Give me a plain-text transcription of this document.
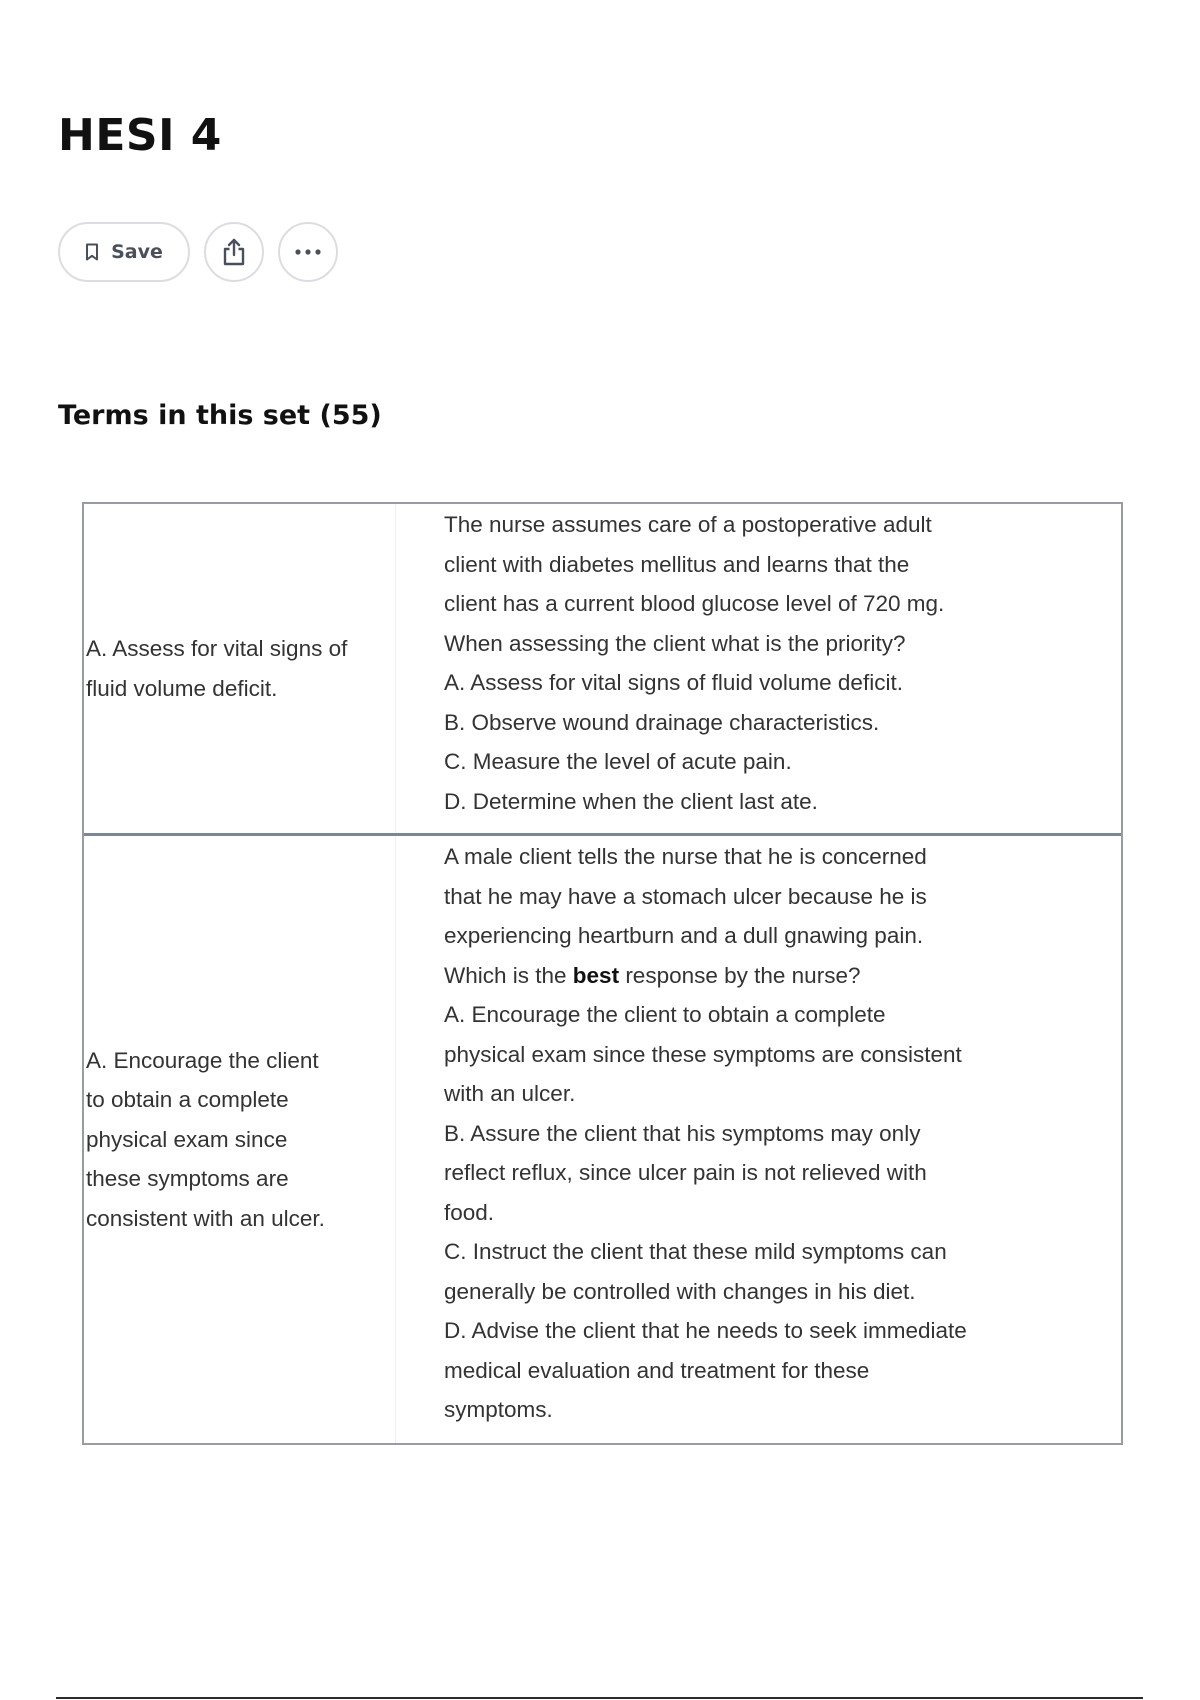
HESI 4
Save
Terms in this set (55)
A. Assess for vital signs of
fluid volume deficit.
The nurse assumes care of a postoperative adult
client with diabetes mellitus and learns that the
client has a current blood glucose level of 720 mg.
When assessing the client what is the priority?
A. Assess for vital signs of fluid volume deficit.
B. Observe wound drainage characteristics.
C. Measure the level of acute pain.
D. Determine when the client last ate.
A. Encourage the client
to obtain a complete
physical exam since
these symptoms are
consistent with an ulcer.
A male client tells the nurse that he is concerned
that he may have a stomach ulcer because he is
experiencing heartburn and a dull gnawing pain.
Which is the best response by the nurse?
A. Encourage the client to obtain a complete
physical exam since these symptoms are consistent
with an ulcer.
B. Assure the client that his symptoms may only
reflect reflux, since ulcer pain is not relieved with
food.
C. Instruct the client that these mild symptoms can
generally be controlled with changes in his diet.
D. Advise the client that he needs to seek immediate
medical evaluation and treatment for these
symptoms.
